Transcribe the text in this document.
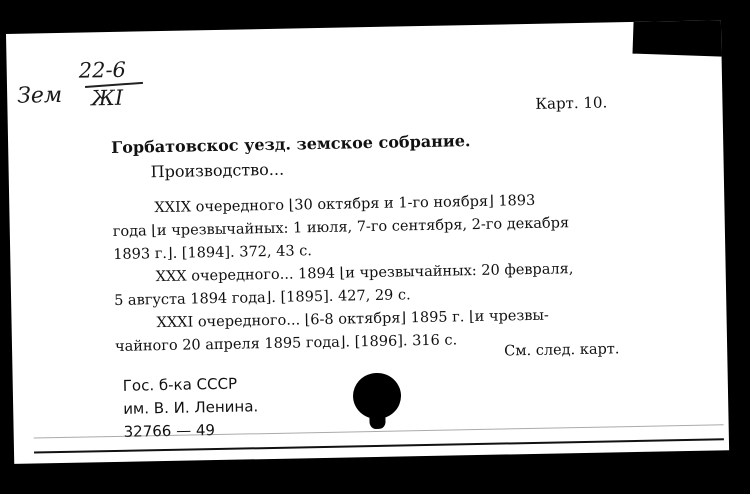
22-6
Зем ЖI	Карт. 10.
Горбатовскос уезд. земское собрание.
Производство...
XXIX очередного ⌊30 октября и 1-го ноября⌋ 1893
года ⌊и чрезвычайных: 1 июля, 7-го сентября, 2-го декабря
1893 г.⌋. [1894]. 372, 43 с.
XXX очередного... 1894 ⌊и чрезвычайных: 20 февраля,
5 августа 1894 года⌋. [1895]. 427, 29 с.
XXXI очередного... ⌊6-8 октября⌋ 1895 г. ⌊и чрезвы-
чайного 20 апреля 1895 года⌋. [1896]. 316 с.	См. след. карт.
Гос. б-ка СССР
им. В. И. Ленина.
32766 — 49
